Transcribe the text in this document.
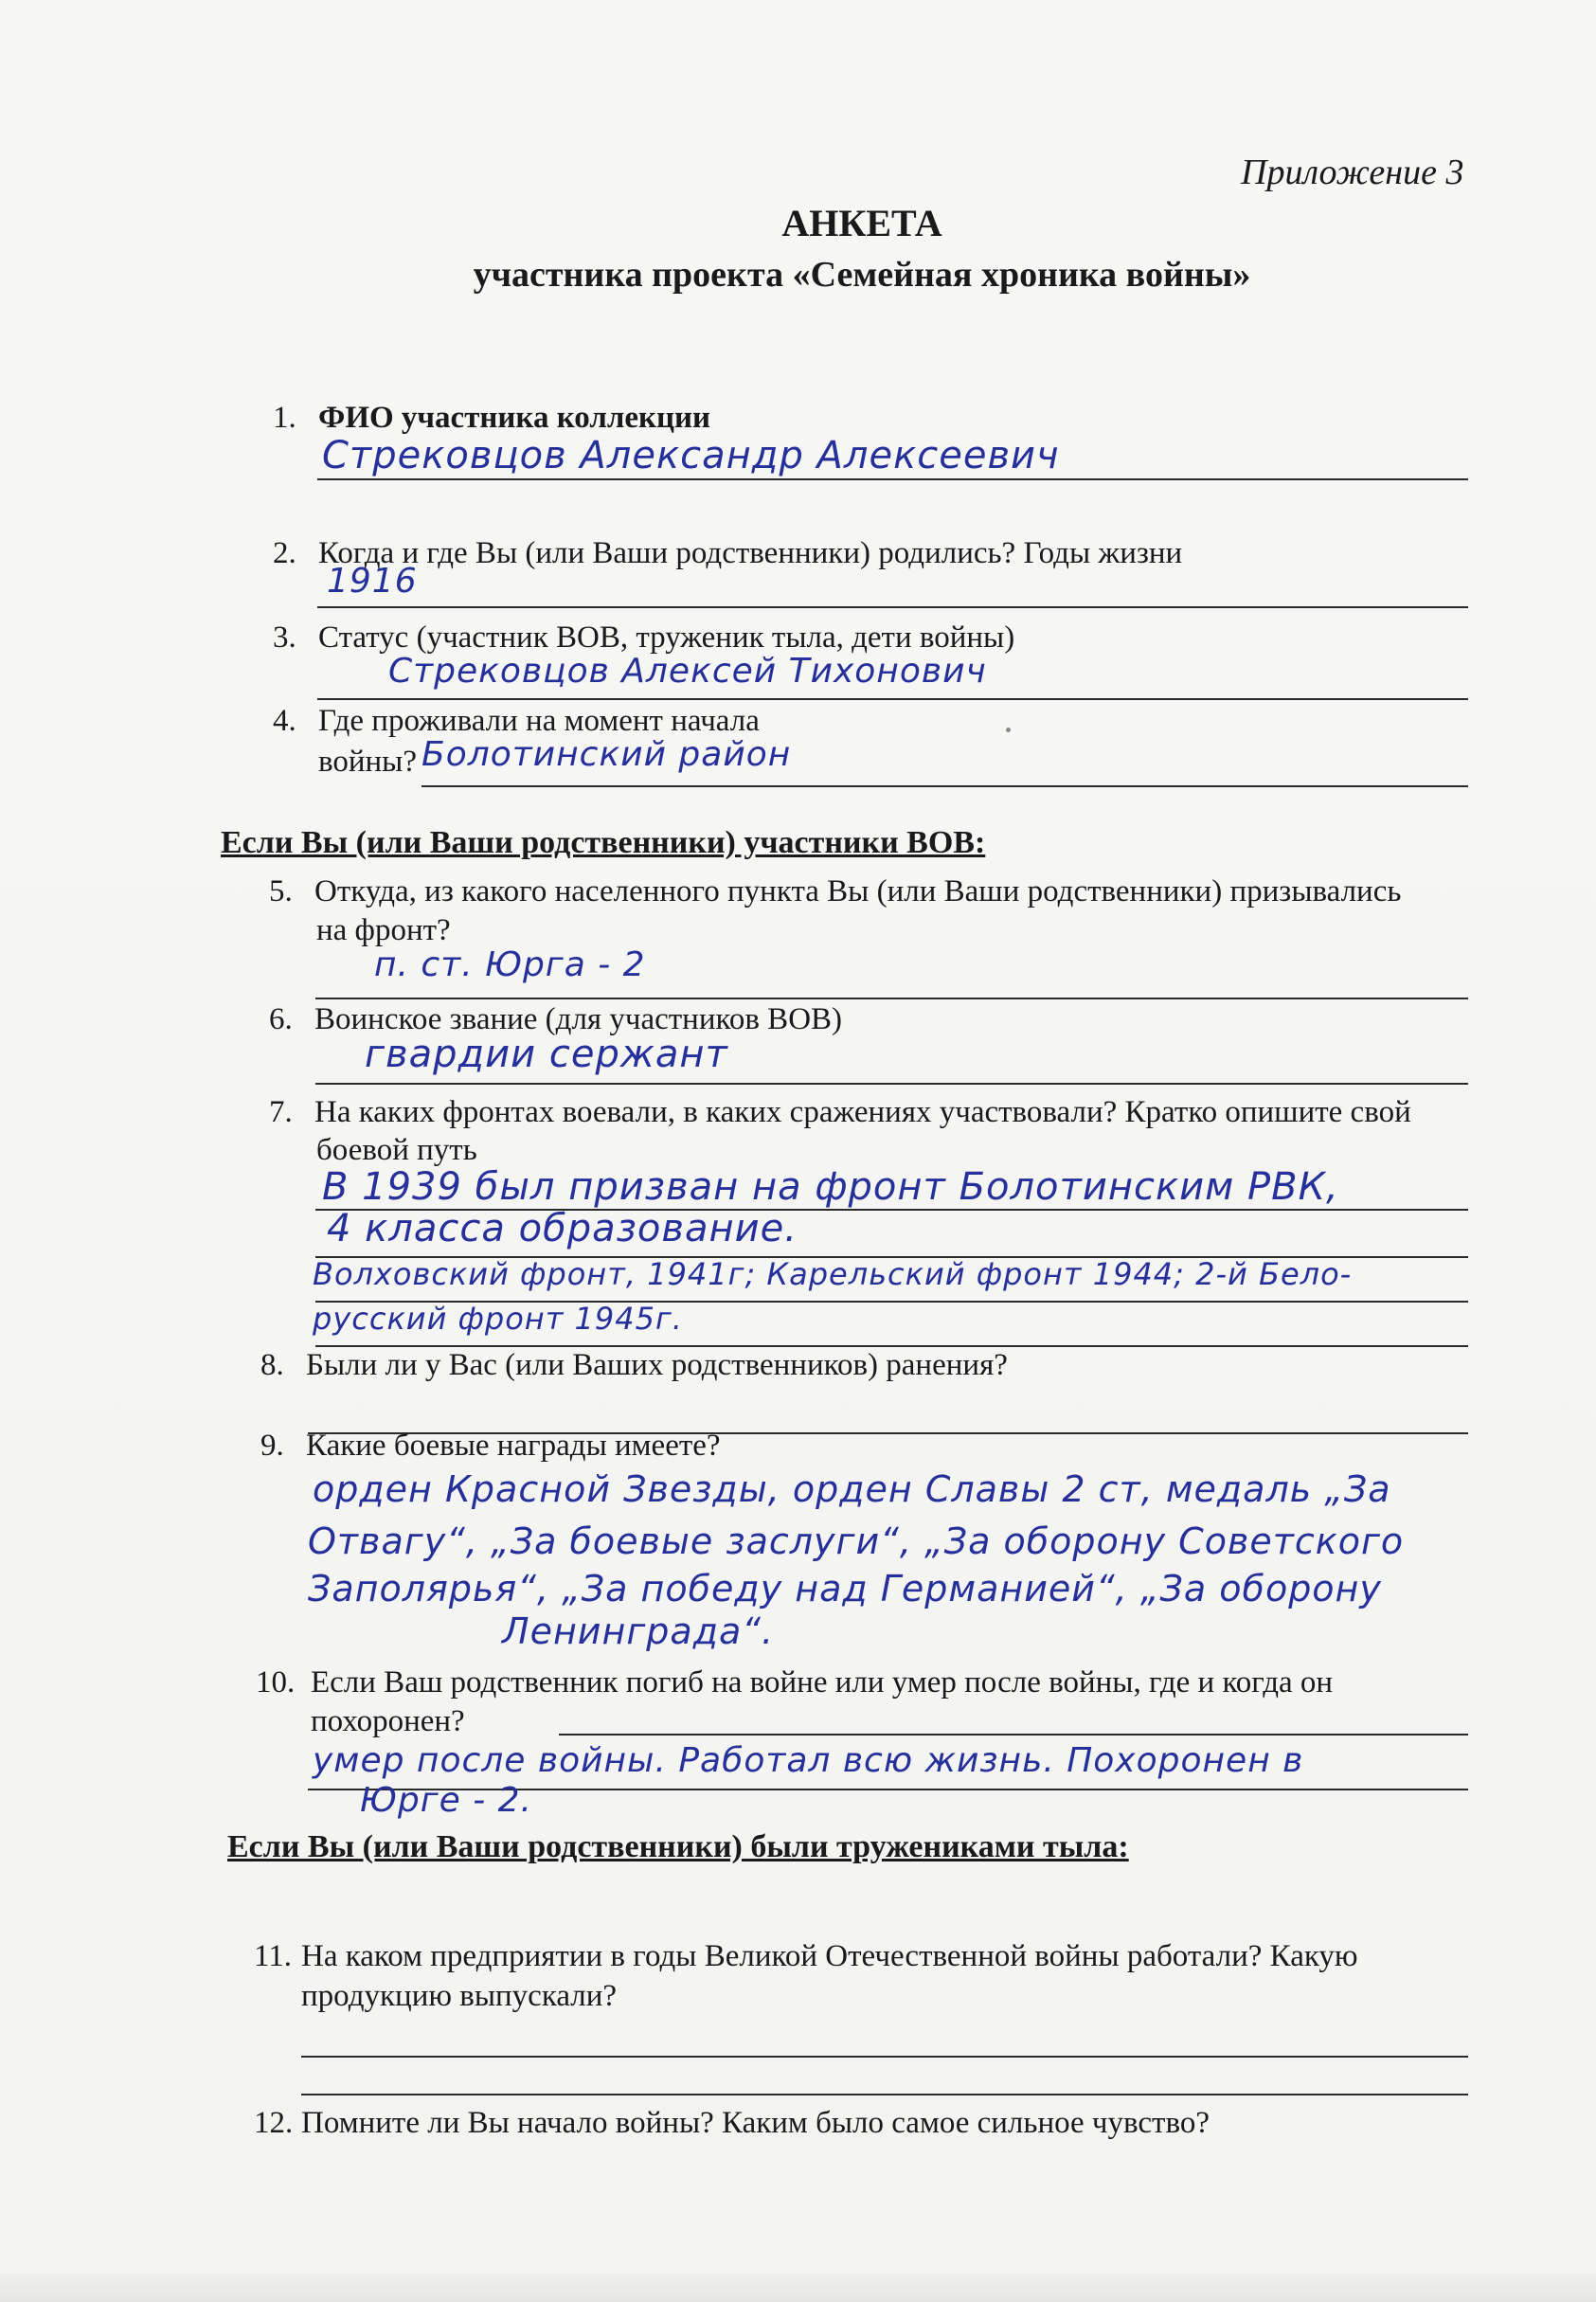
Приложение 3
АНКЕТА
участника проекта «Семейная хроника войны»
1. ФИО участника коллекции
Стрековцов Александр Алексеевич
2. Когда и где Вы (или Ваши родственники) родились? Годы жизни
1916
3. Статус (участник ВОВ, труженик тыла, дети войны)
Стрековцов Алексей Тихонович
4. Где проживали на момент начала
войны? Болотинский район
Если Вы (или Ваши родственники) участники ВОВ:
5. Откуда, из какого населенного пункта Вы (или Ваши родственники) призывались
на фронт?
п. ст. Юрга - 2
6. Воинское звание (для участников ВОВ)
гвардии сержант
7. На каких фронтах воевали, в каких сражениях участвовали? Кратко опишите свой
боевой путь
В 1939 был призван на фронт Болотинским РВК,
4 класса образование.
Волховский фронт, 1941г; Карельский фронт 1944; 2-й Бело-
русский фронт 1945г.
8. Были ли у Вас (или Ваших родственников) ранения?
9. Какие боевые награды имеете?
орден Красной Звезды, орден Славы 2 ст, медаль „За
Отвагу“, „За боевые заслуги“, „За оборону Советского
Заполярья“, „За победу над Германией“, „За оборону
Ленинграда“.
10. Если Ваш родственник погиб на войне или умер после войны, где и когда он
похоронен?
умер после войны. Работал всю жизнь. Похоронен в
Юрге - 2.
Если Вы (или Ваши родственники) были тружениками тыла:
11. На каком предприятии в годы Великой Отечественной войны работали? Какую
продукцию выпускали?
12. Помните ли Вы начало войны? Каким было самое сильное чувство?
